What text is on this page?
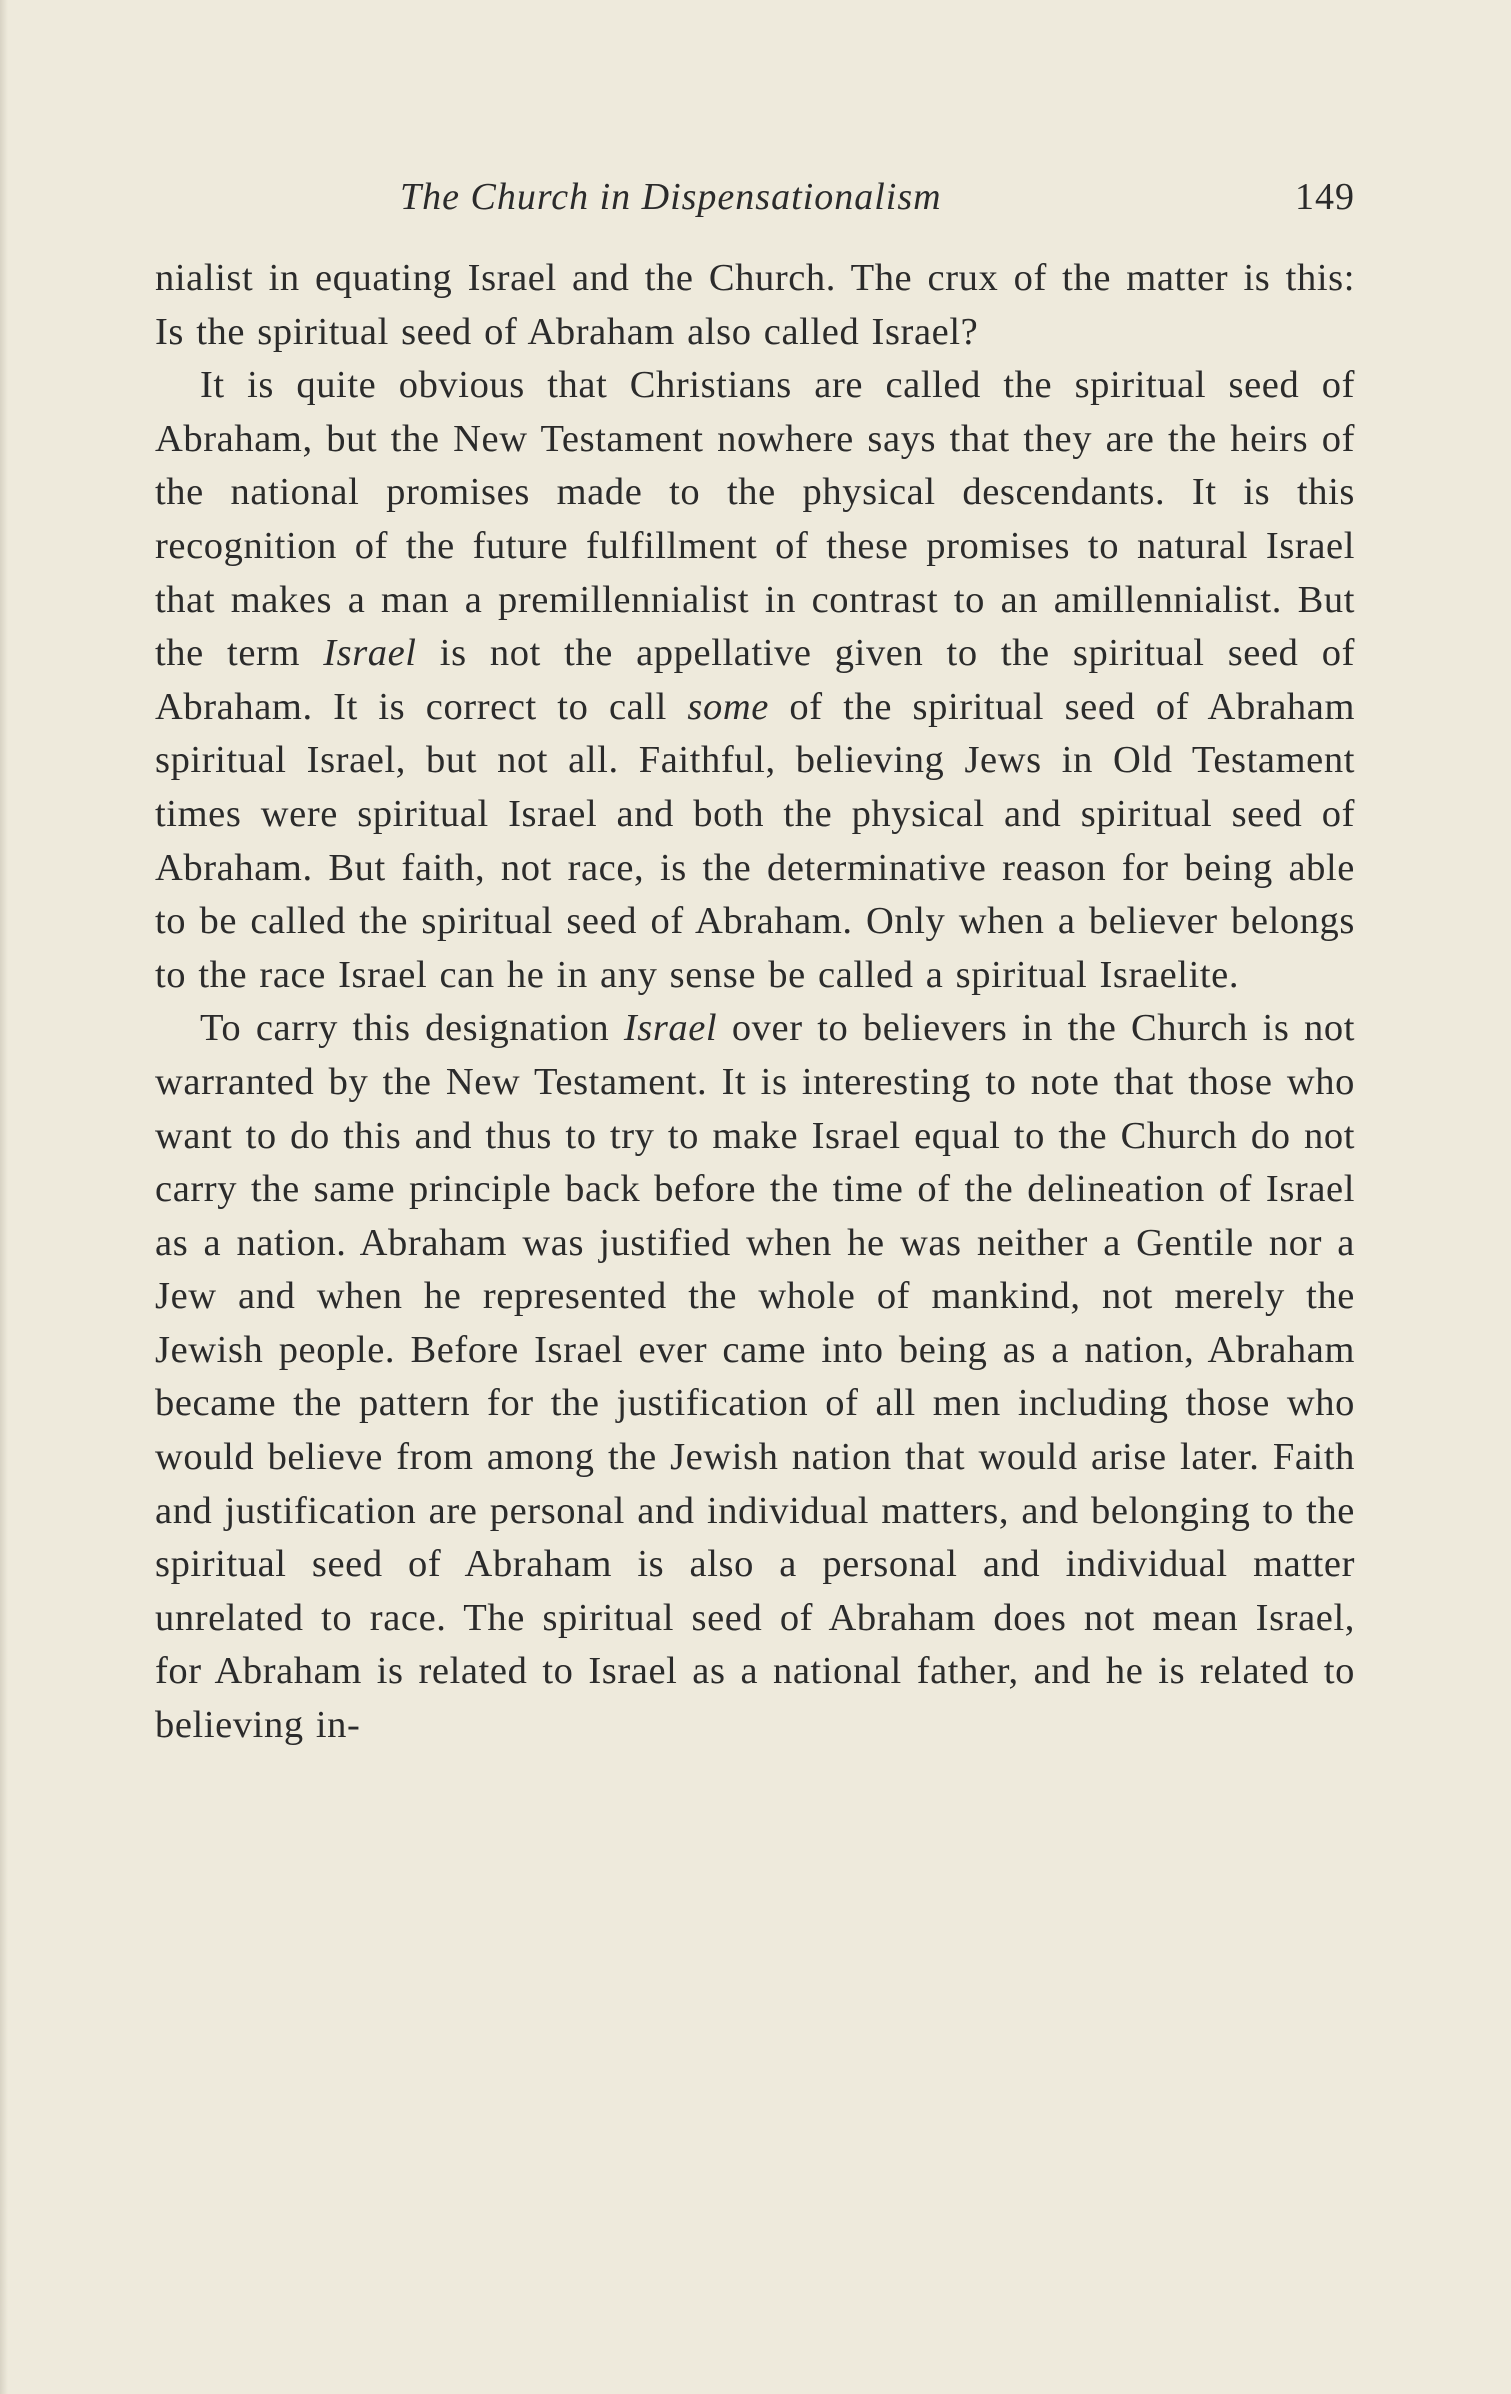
The Church in Dispensationalism	149

nialist in equating Israel and the Church. The crux of the matter is this: Is the spiritual seed of Abraham also called Israel?

It is quite obvious that Christians are called the spiritual seed of Abraham, but the New Testament nowhere says that they are the heirs of the national promises made to the physical descendants. It is this recognition of the future fulfillment of these promises to natural Israel that makes a man a premillennialist in contrast to an amillennialist. But the term Israel is not the appellative given to the spiritual seed of Abraham. It is correct to call some of the spiritual seed of Abraham spiritual Israel, but not all. Faithful, believing Jews in Old Testament times were spiritual Israel and both the physical and spiritual seed of Abraham. But faith, not race, is the determinative reason for being able to be called the spiritual seed of Abraham. Only when a believer belongs to the race Israel can he in any sense be called a spiritual Israelite.

To carry this designation Israel over to believers in the Church is not warranted by the New Testament. It is interesting to note that those who want to do this and thus to try to make Israel equal to the Church do not carry the same principle back before the time of the delineation of Israel as a nation. Abraham was justified when he was neither a Gentile nor a Jew and when he represented the whole of mankind, not merely the Jewish people. Before Israel ever came into being as a nation, Abraham became the pattern for the justification of all men including those who would believe from among the Jewish nation that would arise later. Faith and justification are personal and individual matters, and belonging to the spiritual seed of Abraham is also a personal and individual matter unrelated to race. The spiritual seed of Abraham does not mean Israel, for Abraham is related to Israel as a national father, and he is related to believing in-
